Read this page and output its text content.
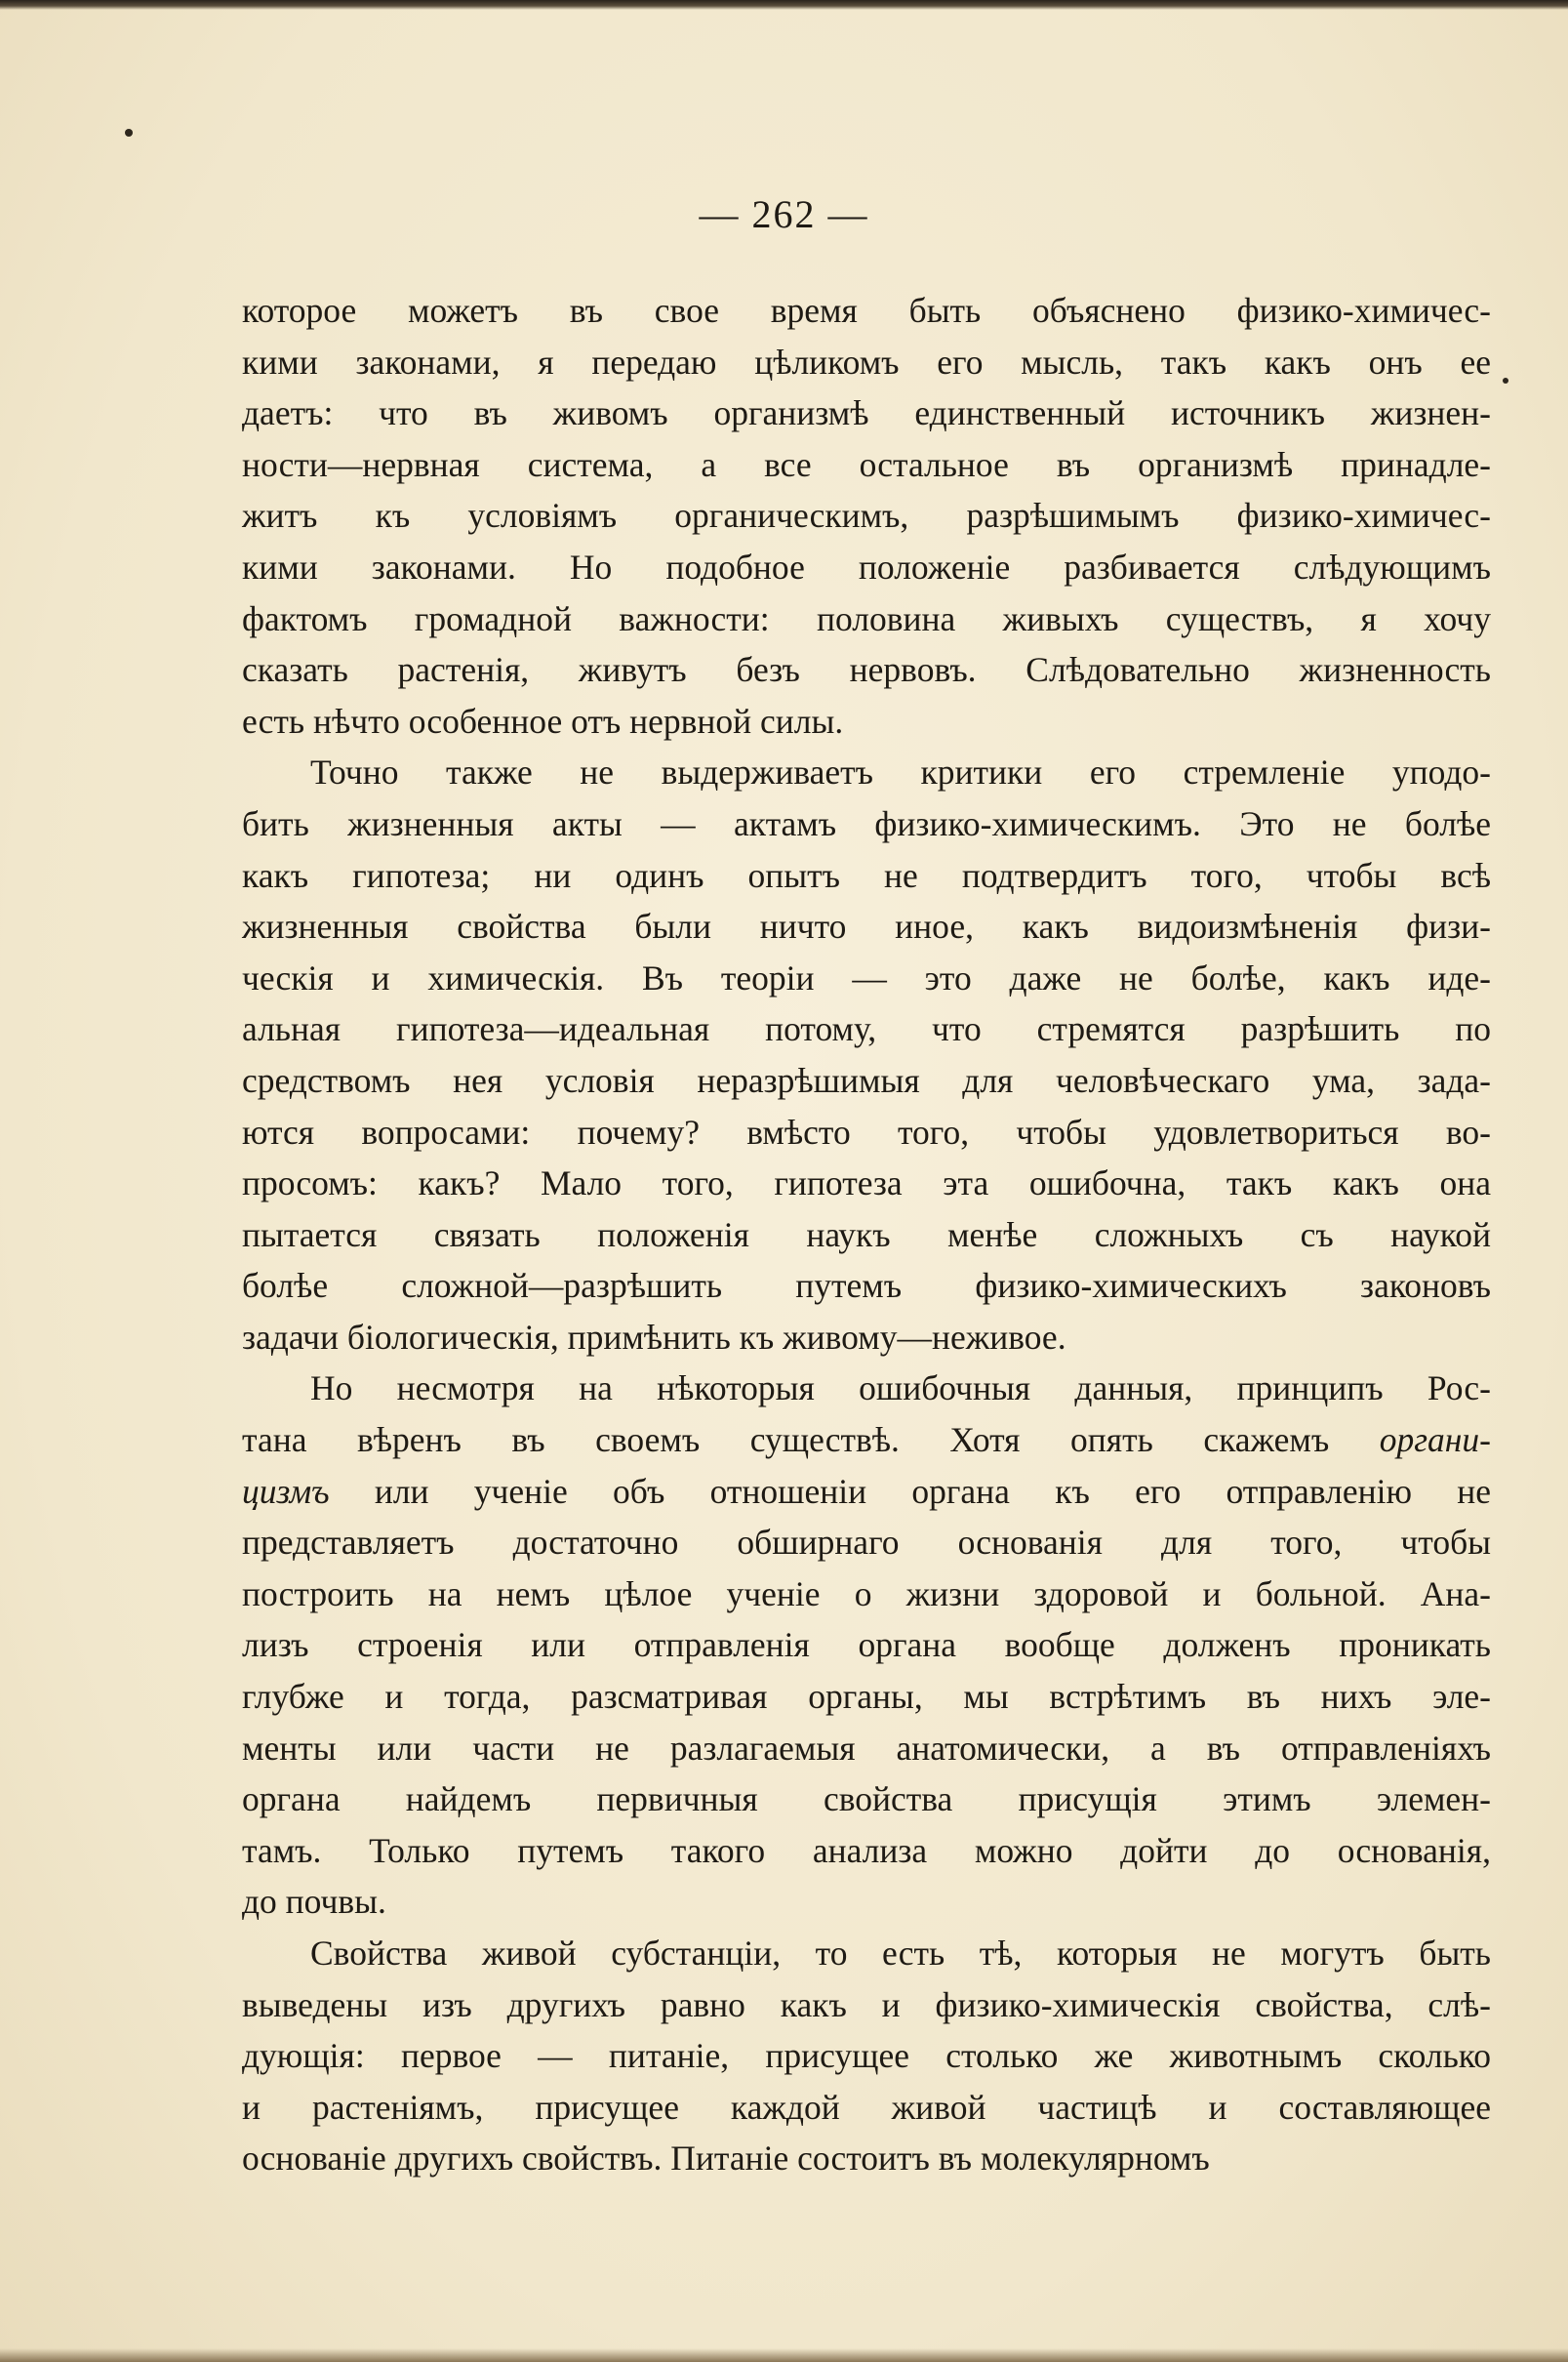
— 262 —
которое можетъ въ свое время быть объяснено физико-химичес-
кими законами, я передаю цѣликомъ его мысль, такъ какъ онъ ее
даетъ: что въ живомъ организмѣ единственный источникъ жизнен-
ности—нервная система, а все остальное въ организмѣ принадле-
житъ къ условіямъ органическимъ, разрѣшимымъ физико-химичес-
кими законами. Но подобное положеніе разбивается слѣдующимъ
фактомъ громадной важности: половина живыхъ существъ, я хочу
сказать растенія, живутъ безъ нервовъ. Слѣдовательно жизненность
есть нѣчто особенное отъ нервной силы.
Точно также не выдерживаетъ критики его стремленіе уподо-
бить жизненныя акты — актамъ физико-химическимъ. Это не болѣе
какъ гипотеза; ни одинъ опытъ не подтвердитъ того, чтобы всѣ
жизненныя свойства были ничто иное, какъ видоизмѣненія физи-
ческія и химическія. Въ теоріи — это даже не болѣе, какъ иде-
альная гипотеза—идеальная потому, что стремятся разрѣшить по
средствомъ нея условія неразрѣшимыя для человѣческаго ума, зада-
ются вопросами: почему? вмѣсто того, чтобы удовлетвориться во-
просомъ: какъ? Мало того, гипотеза эта ошибочна, такъ какъ она
пытается связать положенія наукъ менѣе сложныхъ съ наукой
болѣе сложной—разрѣшить путемъ физико-химическихъ законовъ
задачи біологическія, примѣнить къ живому—неживое.
Но несмотря на нѣкоторыя ошибочныя данныя, принципъ Рос-
тана вѣренъ въ своемъ существѣ. Хотя опять скажемъ органи-
цизмъ или ученіе объ отношеніи органа къ его отправленію не
представляетъ достаточно обширнаго основанія для того, чтобы
построить на немъ цѣлое ученіе о жизни здоровой и больной. Ана-
лизъ строенія или отправленія органа вообще долженъ проникать
глубже и тогда, разсматривая органы, мы встрѣтимъ въ нихъ эле-
менты или части не разлагаемыя анатомически, а въ отправленіяхъ
органа найдемъ первичныя свойства присущія этимъ элемен-
тамъ. Только путемъ такого анализа можно дойти до основанія,
до почвы.
Свойства живой субстанціи, то есть тѣ, которыя не могутъ быть
выведены изъ другихъ равно какъ и физико-химическія свойства, слѣ-
дующія: первое — питаніе, присущее столько же животнымъ сколько
и растеніямъ, присущее каждой живой частицѣ и составляющее
основаніе другихъ свойствъ. Питаніе состоитъ въ молекулярномъ
